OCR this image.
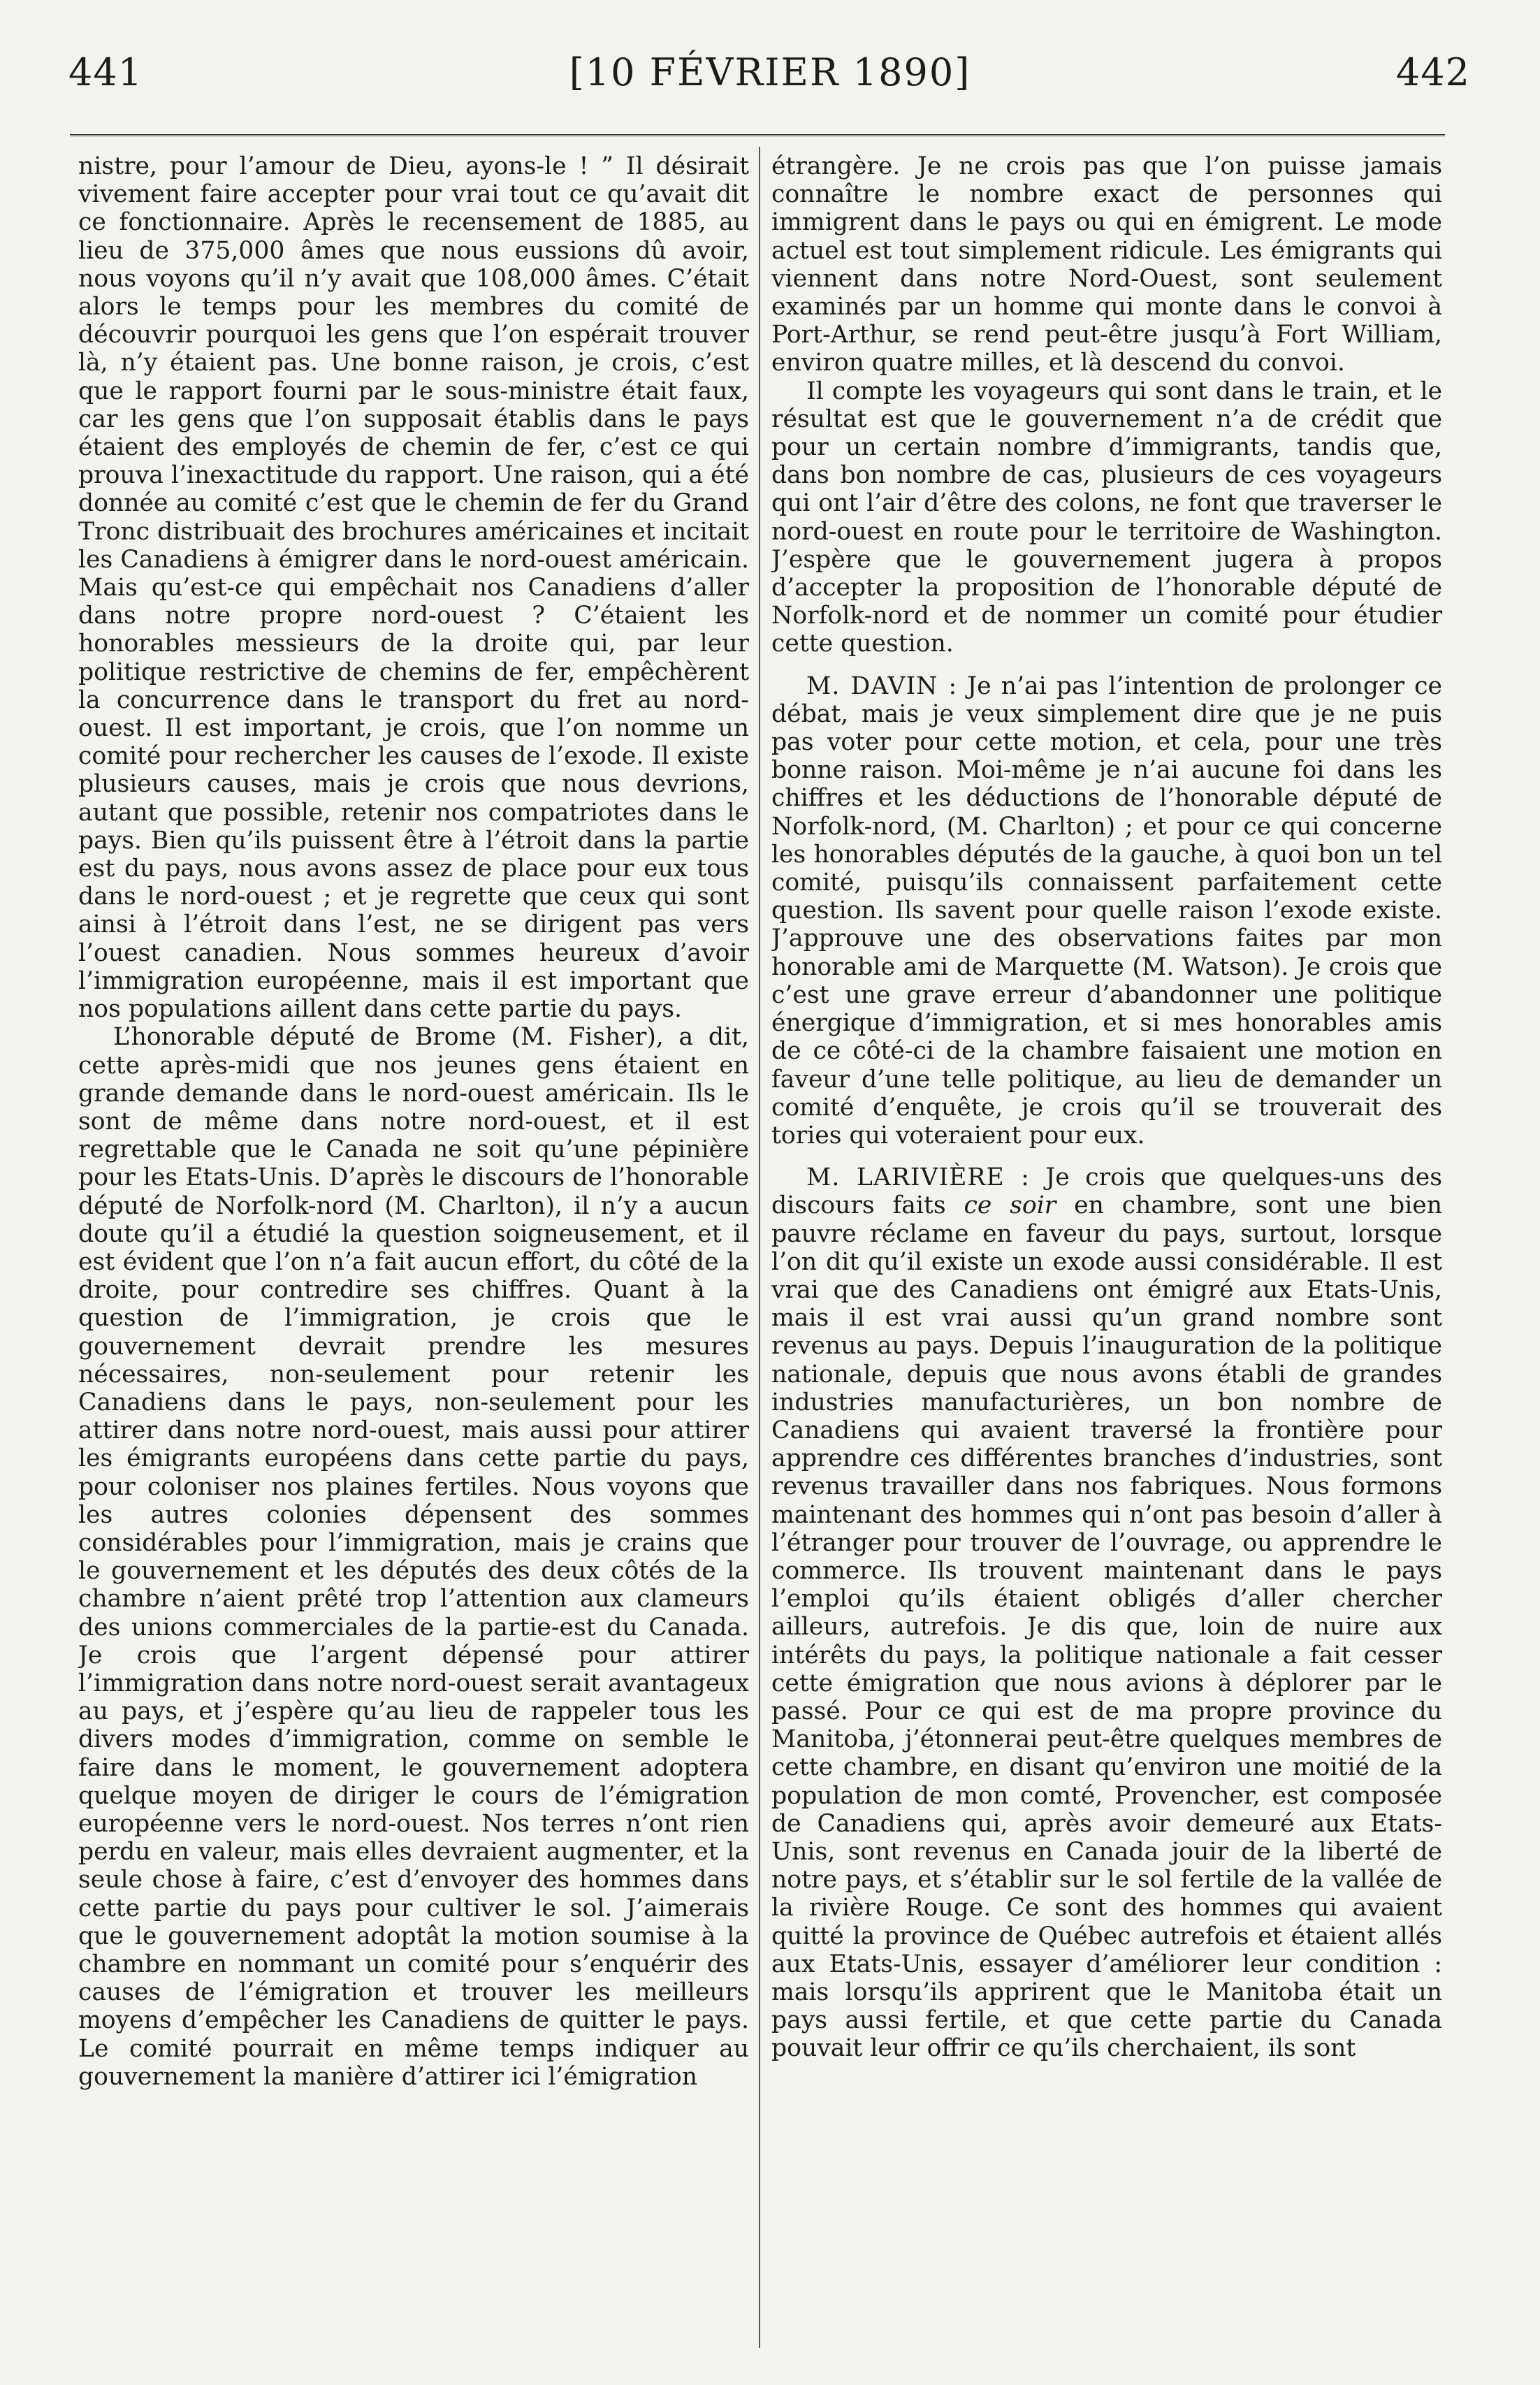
441	[10 FÉVRIER 1890]	442

nistre, pour l’amour de Dieu, ayons-le ! ” Il désirait vivement faire accepter pour vrai tout ce qu’avait dit ce fonctionnaire. Après le recensement de 1885, au lieu de 375,000 âmes que nous eussions dû avoir, nous voyons qu’il n’y avait que 108,000 âmes. C’était alors le temps pour les membres du comité de découvrir pourquoi les gens que l’on espérait trouver là, n’y étaient pas. Une bonne raison, je crois, c’est que le rapport fourni par le sous-ministre était faux, car les gens que l’on supposait établis dans le pays étaient des employés de chemin de fer, c’est ce qui prouva l’inexactitude du rapport. Une raison, qui a été donnée au comité c’est que le chemin de fer du Grand Tronc distribuait des brochures américaines et incitait les Canadiens à émigrer dans le nord-ouest américain. Mais qu’est-ce qui empêchait nos Canadiens d’aller dans notre propre nord-ouest ? C’étaient les honorables messieurs de la droite qui, par leur politique restrictive de chemins de fer, empêchèrent la concurrence dans le transport du fret au nord-ouest. Il est important, je crois, que l’on nomme un comité pour rechercher les causes de l’exode. Il existe plusieurs causes, mais je crois que nous devrions, autant que possible, retenir nos compatriotes dans le pays. Bien qu’ils puissent être à l’étroit dans la partie est du pays, nous avons assez de place pour eux tous dans le nord-ouest ; et je regrette que ceux qui sont ainsi à l’étroit dans l’est, ne se dirigent pas vers l’ouest canadien. Nous sommes heureux d’avoir l’immigration européenne, mais il est important que nos populations aillent dans cette partie du pays.

L’honorable député de Brome (M. Fisher), a dit, cette après-midi que nos jeunes gens étaient en grande demande dans le nord-ouest américain. Ils le sont de même dans notre nord-ouest, et il est regrettable que le Canada ne soit qu’une pépinière pour les Etats-Unis. D’après le discours de l’honorable député de Norfolk-nord (M. Charlton), il n’y a aucun doute qu’il a étudié la question soigneusement, et il est évident que l’on n’a fait aucun effort, du côté de la droite, pour contredire ses chiffres. Quant à la question de l’immigration, je crois que le gouvernement devrait prendre les mesures nécessaires, non-seulement pour retenir les Canadiens dans le pays, non-seulement pour les attirer dans notre nord-ouest, mais aussi pour attirer les émigrants européens dans cette partie du pays, pour coloniser nos plaines fertiles. Nous voyons que les autres colonies dépensent des sommes considérables pour l’immigration, mais je crains que le gouvernement et les députés des deux côtés de la chambre n’aient prêté trop l’attention aux clameurs des unions commerciales de la partie-est du Canada. Je crois que l’argent dépensé pour attirer l’immigration dans notre nord-ouest serait avantageux au pays, et j’espère qu’au lieu de rappeler tous les divers modes d’immigration, comme on semble le faire dans le moment, le gouvernement adoptera quelque moyen de diriger le cours de l’émigration européenne vers le nord-ouest. Nos terres n’ont rien perdu en valeur, mais elles devraient augmenter, et la seule chose à faire, c’est d’envoyer des hommes dans cette partie du pays pour cultiver le sol. J’aimerais que le gouvernement adoptât la motion soumise à la chambre en nommant un comité pour s’enquérir des causes de l’émigration et trouver les meilleurs moyens d’empêcher les Canadiens de quitter le pays. Le comité pourrait en même temps indiquer au gouvernement la manière d’attirer ici l’émigration

étrangère. Je ne crois pas que l’on puisse jamais connaître le nombre exact de personnes qui immigrent dans le pays ou qui en émigrent. Le mode actuel est tout simplement ridicule. Les émigrants qui viennent dans notre Nord-Ouest, sont seulement examinés par un homme qui monte dans le convoi à Port-Arthur, se rend peut-être jusqu’à Fort William, environ quatre milles, et là descend du convoi.

Il compte les voyageurs qui sont dans le train, et le résultat est que le gouvernement n’a de crédit que pour un certain nombre d’immigrants, tandis que, dans bon nombre de cas, plusieurs de ces voyageurs qui ont l’air d’être des colons, ne font que traverser le nord-ouest en route pour le territoire de Washington. J’espère que le gouvernement jugera à propos d’accepter la proposition de l’honorable député de Norfolk-nord et de nommer un comité pour étudier cette question.

M. DAVIN : Je n’ai pas l’intention de prolonger ce débat, mais je veux simplement dire que je ne puis pas voter pour cette motion, et cela, pour une très bonne raison. Moi-même je n’ai aucune foi dans les chiffres et les déductions de l’honorable député de Norfolk-nord, (M. Charlton) ; et pour ce qui concerne les honorables députés de la gauche, à quoi bon un tel comité, puisqu’ils connaissent parfaitement cette question. Ils savent pour quelle raison l’exode existe. J’approuve une des observations faites par mon honorable ami de Marquette (M. Watson). Je crois que c’est une grave erreur d’abandonner une politique énergique d’immigration, et si mes honorables amis de ce côté-ci de la chambre faisaient une motion en faveur d’une telle politique, au lieu de demander un comité d’enquête, je crois qu’il se trouverait des tories qui voteraient pour eux.

M. LARIVIÈRE : Je crois que quelques-uns des discours faits ce soir en chambre, sont une bien pauvre réclame en faveur du pays, surtout, lorsque l’on dit qu’il existe un exode aussi considérable. Il est vrai que des Canadiens ont émigré aux Etats-Unis, mais il est vrai aussi qu’un grand nombre sont revenus au pays. Depuis l’inauguration de la politique nationale, depuis que nous avons établi de grandes industries manufacturières, un bon nombre de Canadiens qui avaient traversé la frontière pour apprendre ces différentes branches d’industries, sont revenus travailler dans nos fabriques. Nous formons maintenant des hommes qui n’ont pas besoin d’aller à l’étranger pour trouver de l’ouvrage, ou apprendre le commerce. Ils trouvent maintenant dans le pays l’emploi qu’ils étaient obligés d’aller chercher ailleurs, autrefois. Je dis que, loin de nuire aux intérêts du pays, la politique nationale a fait cesser cette émigration que nous avions à déplorer par le passé. Pour ce qui est de ma propre province du Manitoba, j’étonnerai peut-être quelques membres de cette chambre, en disant qu’environ une moitié de la population de mon comté, Provencher, est composée de Canadiens qui, après avoir demeuré aux Etats-Unis, sont revenus en Canada jouir de la liberté de notre pays, et s’établir sur le sol fertile de la vallée de la rivière Rouge. Ce sont des hommes qui avaient quitté la province de Québec autrefois et étaient allés aux Etats-Unis, essayer d’améliorer leur condition : mais lorsqu’ils apprirent que le Manitoba était un pays aussi fertile, et que cette partie du Canada pouvait leur offrir ce qu’ils cherchaient, ils sont
